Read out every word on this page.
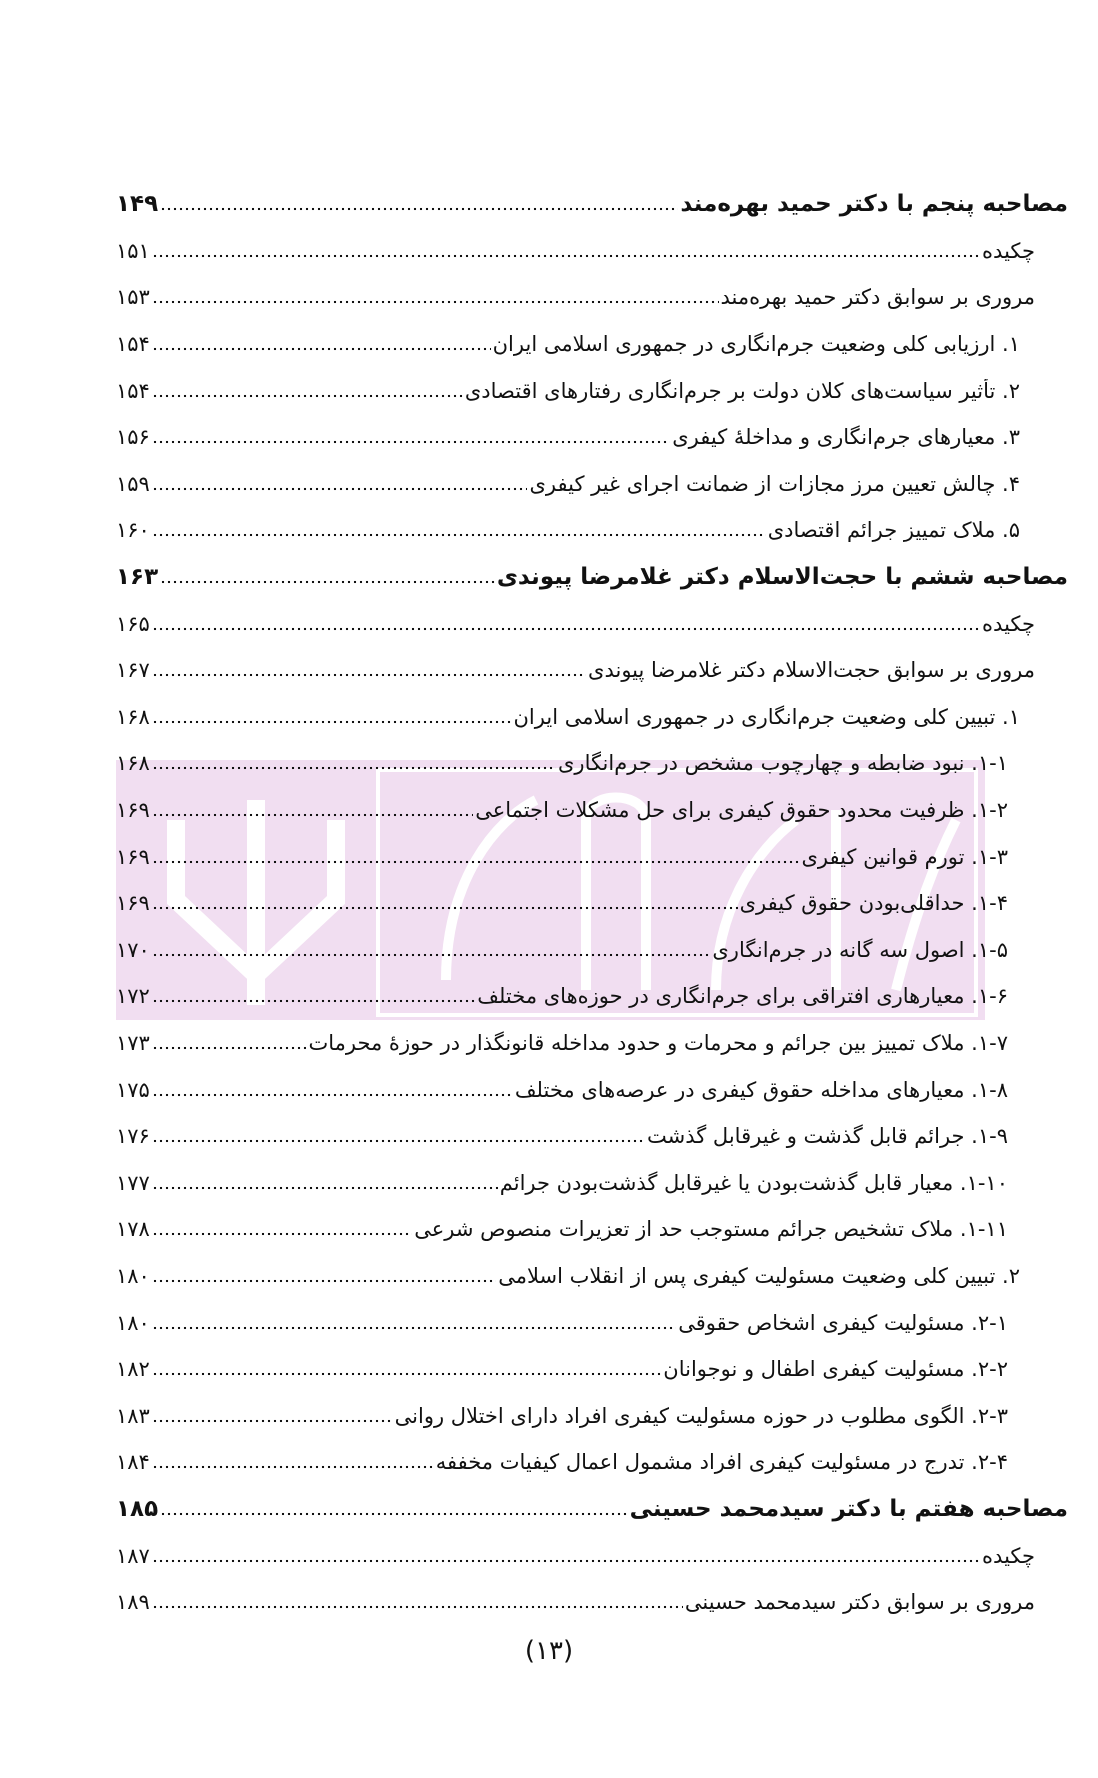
مصاحبه پنجم با دکتر حمید بهره‌مند
۱۴۹
چکیده
۱۵۱
مروری بر سوابق دکتر حمید بهره‌مند
۱۵۳
۱. ارزیابی کلی وضعیت جرم‌انگاری در جمهوری اسلامی ایران
۱۵۴
۲. تأثیر سیاست‌های کلان دولت بر جرم‌انگاری رفتارهای اقتصادی
۱۵۴
۳. معیارهای جرم‌انگاری و مداخلهٔ کیفری
۱۵۶
۴. چالش تعیین مرز مجازات از ضمانت اجرای غیر کیفری
۱۵۹
۵. ملاک تمییز جرائم اقتصادی
۱۶۰
مصاحبه ششم با حجت‌الاسلام دکتر غلامرضا پیوندی
۱۶۳
چکیده
۱۶۵
مروری بر سوابق حجت‌الاسلام دکتر غلامرضا پیوندی
۱۶۷
۱. تبیین کلی وضعیت جرم‌انگاری در جمهوری اسلامی ایران
۱۶۸
۱-۱. نبود ضابطه و چهارچوب مشخص در جرم‌انگاری
۱۶۸
۱-۲. ظرفیت محدود حقوق کیفری برای حل مشکلات اجتماعی
۱۶۹
۱-۳. تورم قوانین کیفری
۱۶۹
۱-۴. حداقلی‌بودن حقوق کیفری
۱۶۹
۱-۵. اصول سه گانه در جرم‌انگاری
۱۷۰
۱-۶. معیارهاری افتراقی برای جرم‌انگاری در حوزه‌های مختلف
۱۷۲
۱-۷. ملاک تمییز بین جرائم و محرمات و حدود مداخله قانونگذار در حوزهٔ محرمات
۱۷۳
۱-۸. معیارهای مداخله حقوق کیفری در عرصه‌های مختلف
۱۷۵
۱-۹. جرائم قابل گذشت و غیرقابل گذشت
۱۷۶
۱-۱۰. معیار قابل گذشت‌بودن یا غیرقابل گذشت‌بودن جرائم
۱۷۷
۱-۱۱. ملاک تشخیص جرائم مستوجب حد از تعزیرات منصوص شرعی
۱۷۸
۲. تبیین کلی وضعیت مسئولیت کیفری پس از انقلاب اسلامی
۱۸۰
۲-۱. مسئولیت کیفری اشخاص حقوقی
۱۸۰
۲-۲. مسئولیت کیفری اطفال و نوجوانان
۱۸۲
۲-۳. الگوی مطلوب در حوزه مسئولیت کیفری افراد دارای اختلال روانی
۱۸۳
۲-۴. تدرج در مسئولیت کیفری افراد مشمول اعمال کیفیات مخففه
۱۸۴
مصاحبه هفتم با دکتر سیدمحمد حسینی
۱۸۵
چکیده
۱۸۷
مروری بر سوابق دکتر سیدمحمد حسینی
۱۸۹
(۱۳)
